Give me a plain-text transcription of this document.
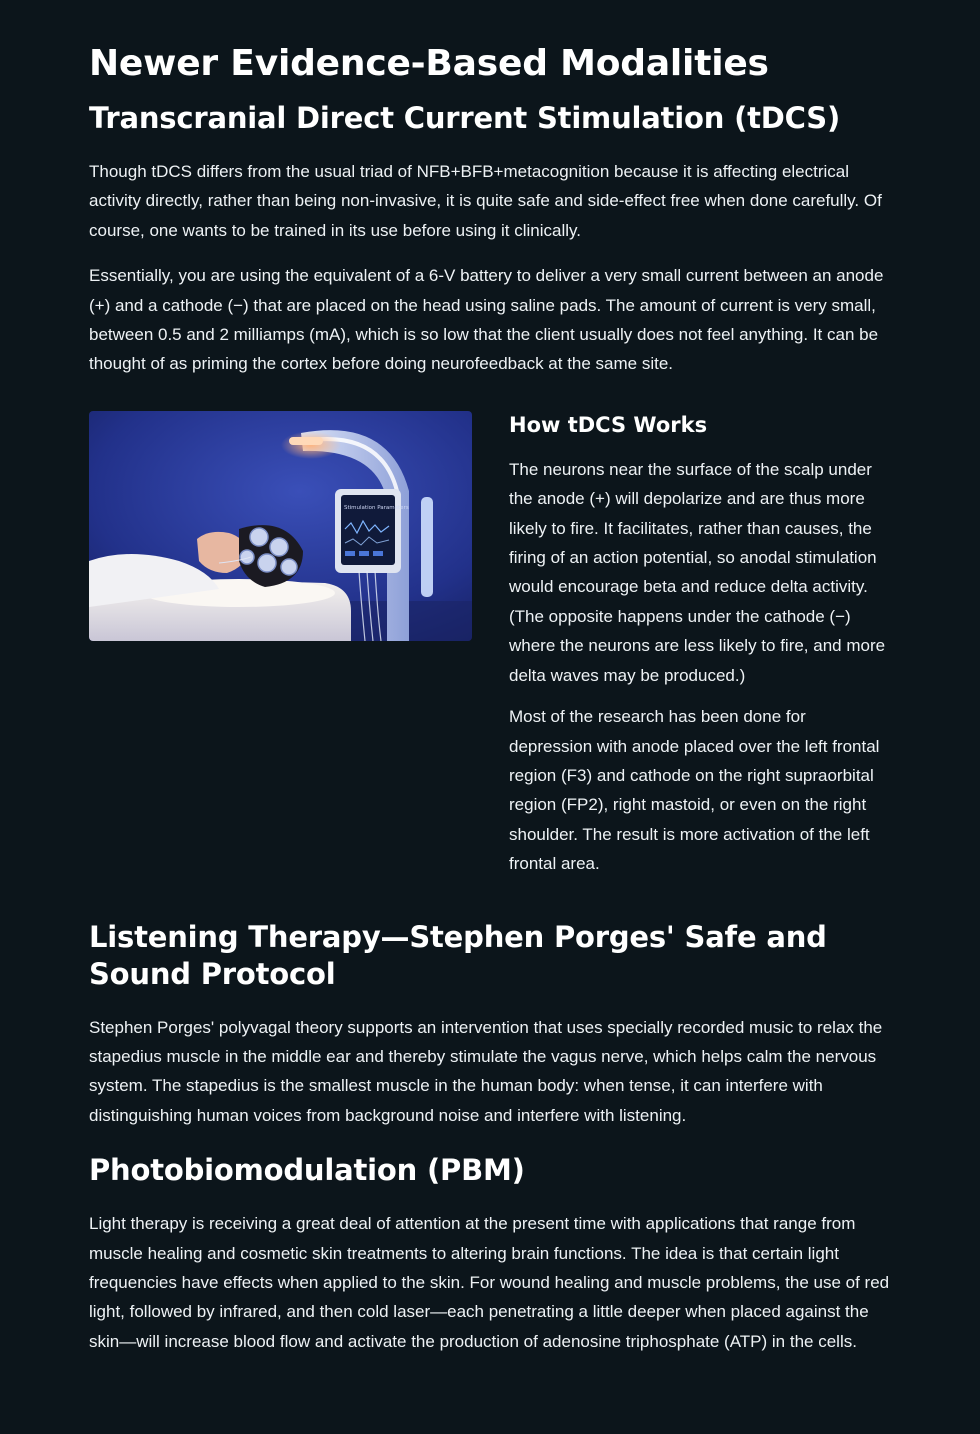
Newer Evidence-Based Modalities
Transcranial Direct Current Stimulation (tDCS)

Though tDCS differs from the usual triad of NFB+BFB+metacognition because it is affecting electrical activity directly, rather than being non-invasive, it is quite safe and side-effect free when done carefully. Of course, one wants to be trained in its use before using it clinically.

Essentially, you are using the equivalent of a 6-V battery to deliver a very small current between an anode (+) and a cathode (−) that are placed on the head using saline pads. The amount of current is very small, between 0.5 and 2 milliamps (mA), which is so low that the client usually does not feel anything. It can be thought of as priming the cortex before doing neurofeedback at the same site.

Stimulation Parameters
How tDCS Works

The neurons near the surface of the scalp under the anode (+) will depolarize and are thus more likely to fire. It facilitates, rather than causes, the firing of an action potential, so anodal stimulation would encourage beta and reduce delta activity. (The opposite happens under the cathode (−) where the neurons are less likely to fire, and more delta waves may be produced.)

Most of the research has been done for depression with anode placed over the left frontal region (F3) and cathode on the right supraorbital region (FP2), right mastoid, or even on the right shoulder. The result is more activation of the left frontal area.

Listening Therapy—Stephen Porges' Safe and Sound Protocol

Stephen Porges' polyvagal theory supports an intervention that uses specially recorded music to relax the stapedius muscle in the middle ear and thereby stimulate the vagus nerve, which helps calm the nervous system. The stapedius is the smallest muscle in the human body: when tense, it can interfere with distinguishing human voices from background noise and interfere with listening.

Photobiomodulation (PBM)

Light therapy is receiving a great deal of attention at the present time with applications that range from muscle healing and cosmetic skin treatments to altering brain functions. The idea is that certain light frequencies have effects when applied to the skin. For wound healing and muscle problems, the use of red light, followed by infrared, and then cold laser—each penetrating a little deeper when placed against the skin—will increase blood flow and activate the production of adenosine triphosphate (ATP) in the cells.
